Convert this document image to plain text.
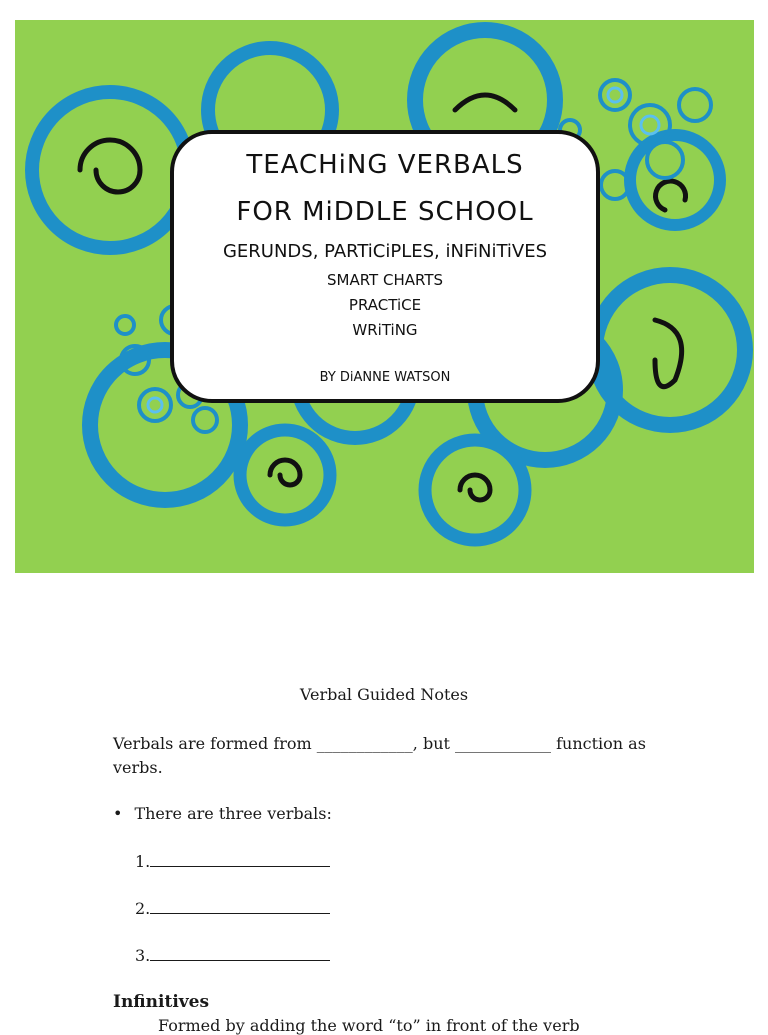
TEACHiNG VERBALS
FOR MiDDLE SCHOOL
GERUNDS, PARTiCiPLES, iNFiNiTiVES
SMART CHARTS
PRACTiCE
WRiTiNG
BY DiANNE WATSON
Verbal Guided Notes
Verbals are formed from ____________, but ____________ function as verbs.
• There are three verbals:
1.
2.
3.
Infinitives
Formed by adding the word “to” in front of the verb
